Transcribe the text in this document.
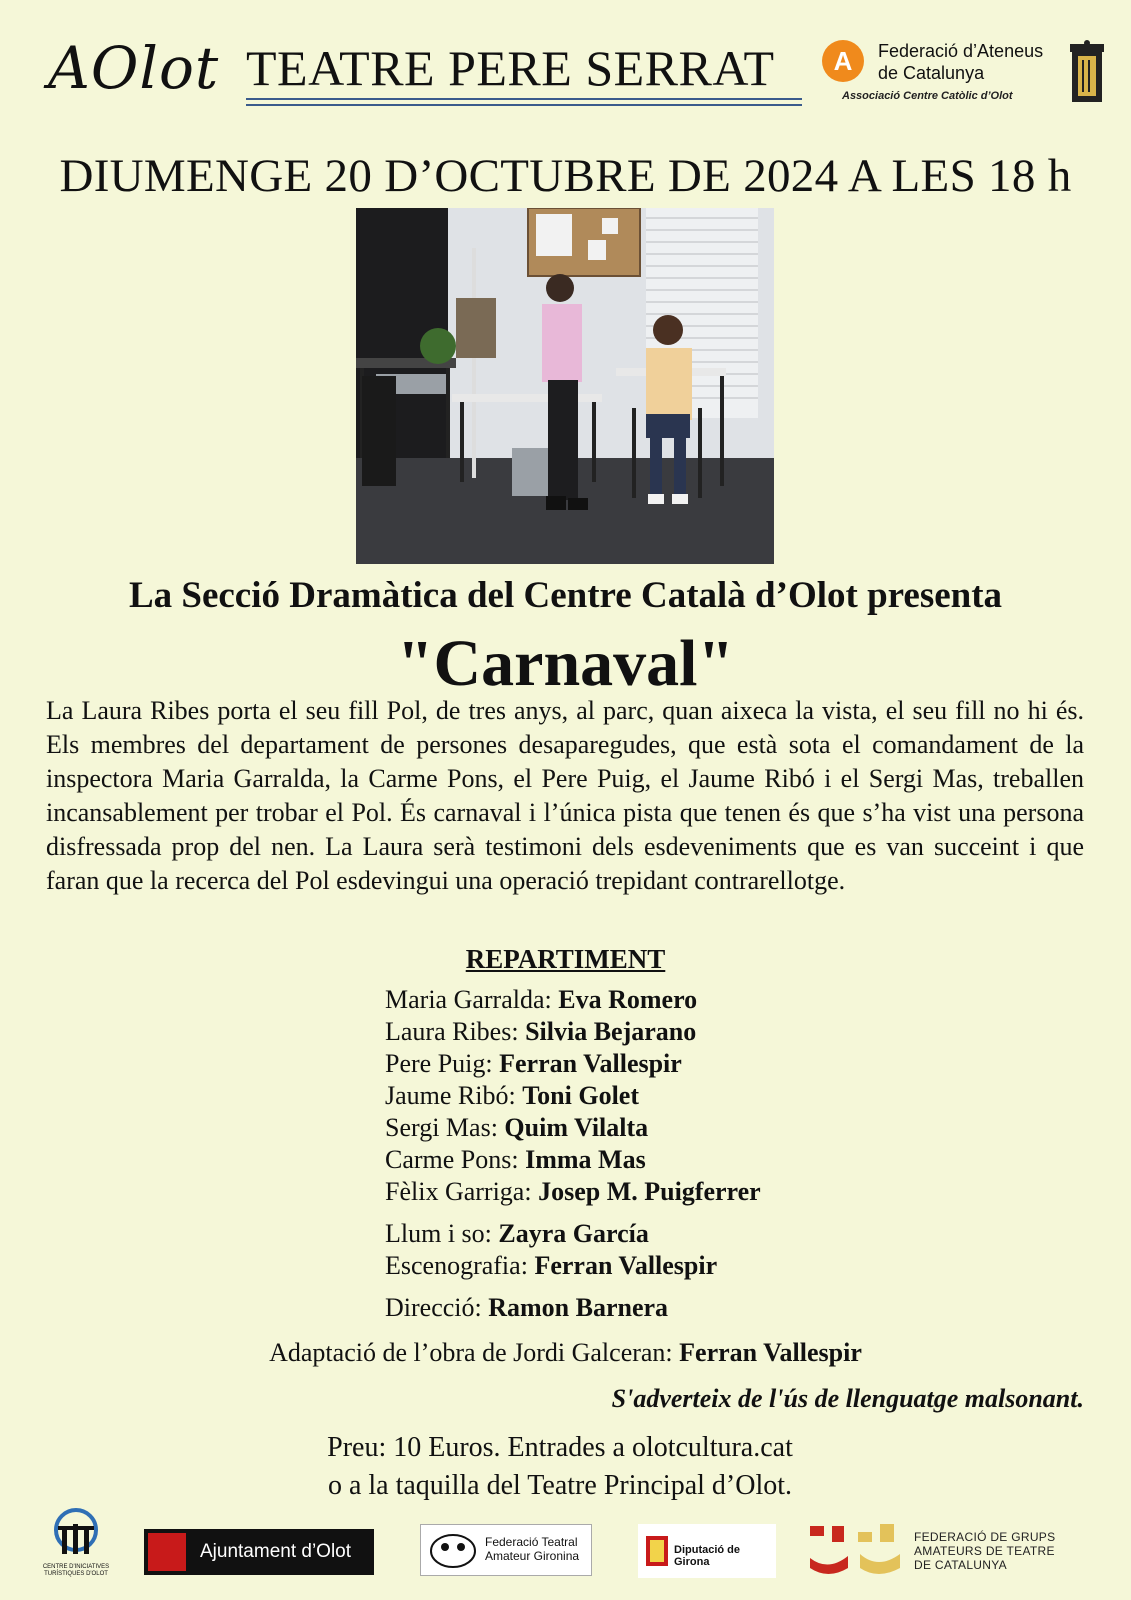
AOlot TEATRE PERE SERRAT	A	Federació d’Ateneus
de Catalunya
Associació Centre Catòlic d’Olot
DIUMENGE 20 D’OCTUBRE DE 2024 A LES 18 h
La Secció Dramàtica del Centre Català d’Olot presenta
"Carnaval"
La Laura Ribes porta el seu fill Pol, de tres anys, al parc, quan aixeca la vista, el seu fill no hi és. Els membres del departament de persones desaparegudes, que està sota el comandament de la inspectora Maria Garralda, la Carme Pons, el Pere Puig, el Jaume Ribó i el Sergi Mas, treballen incansablement per trobar el Pol. És carnaval i l’única pista que tenen és que s’ha vist una persona disfressada prop del nen. La Laura serà testimoni dels esdeveniments que es van succeint i que faran que la recerca del Pol esdevingui una operació trepidant contrarellotge.
REPARTIMENT
Maria Garralda: Eva Romero
Laura Ribes: Silvia Bejarano
Pere Puig: Ferran Vallespir
Jaume Ribó: Toni Golet
Sergi Mas: Quim Vilalta
Carme Pons: Imma Mas
Fèlix Garriga: Josep M. Puigferrer
Llum i so: Zayra García
Escenografia: Ferran Vallespir
Direcció: Ramon Barnera
Adaptació de l’obra de Jordi Galceran: Ferran Vallespir
S'adverteix de l'ús de llenguatge malsonant.
Preu: 10 Euros. Entrades a olotcultura.cat
o a la taquilla del Teatre Principal d’Olot.
CENTRE D'INICIATIVES TURÍSTIQUES D'OLOT
Ajuntament d’Olot	Federació Teatral
Amateur Gironina	Diputació de Girona
FEDERACIÓ DE GRUPS
AMATEURS DE TEATRE
DE CATALUNYA
